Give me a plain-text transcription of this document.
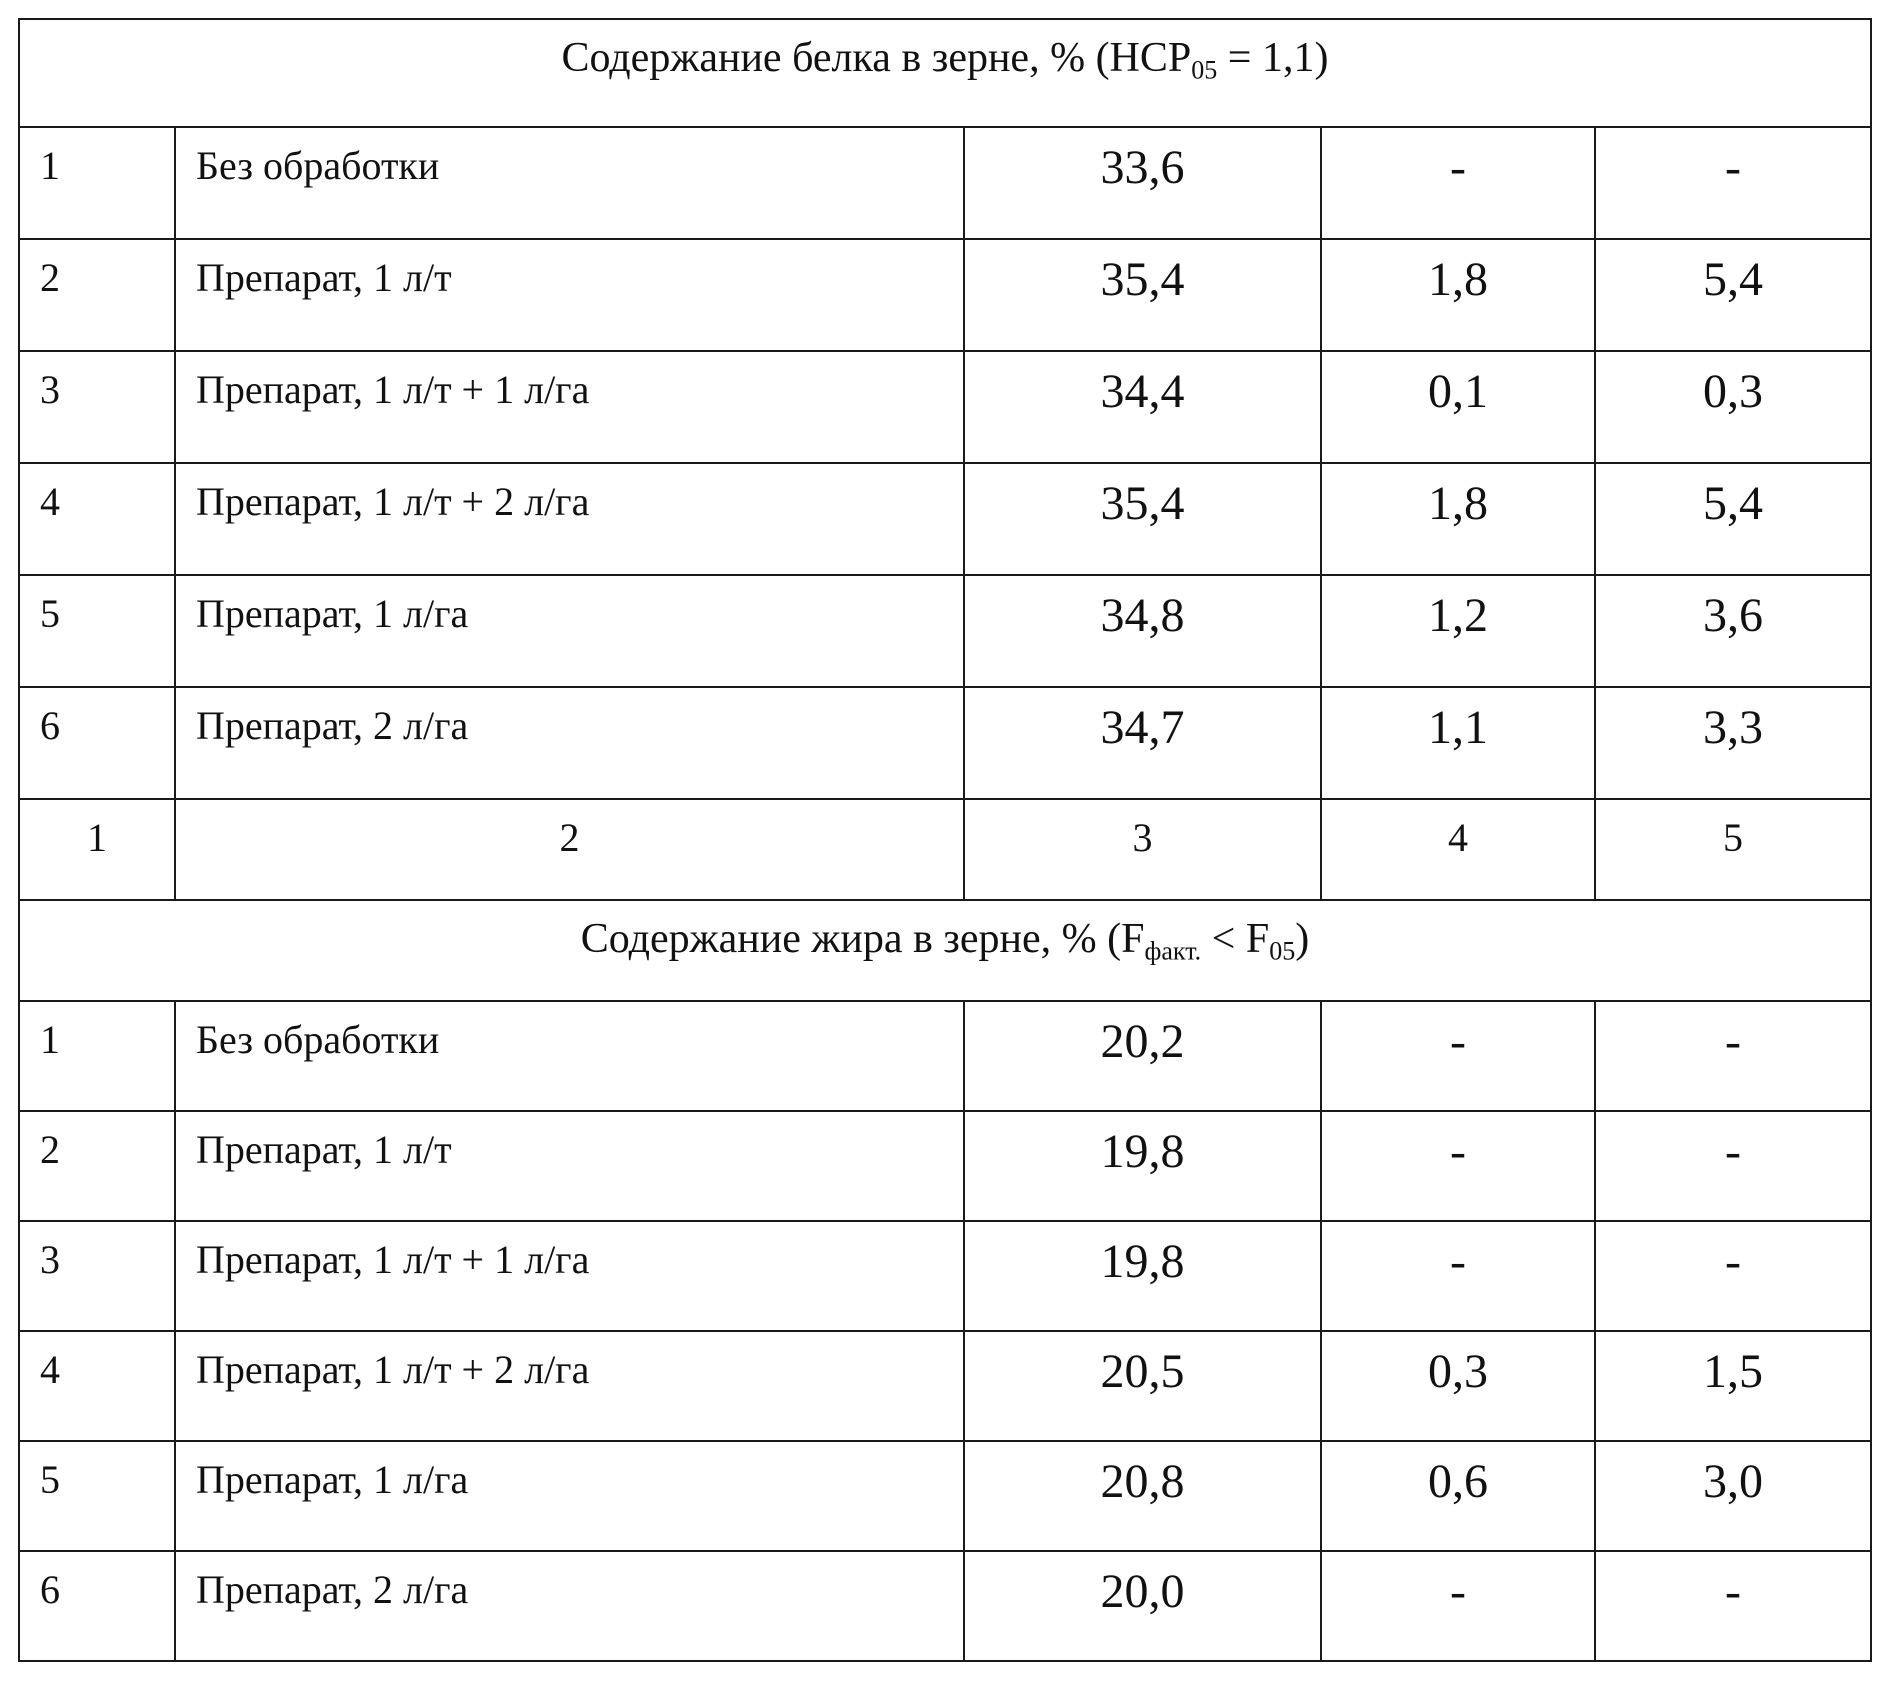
Содержание белка в зерне, % $(НСР_{05} = 1,1)$				
1	Без обработки	33,6	-	-
2	Препарат, 1 л/т	35,4	1,8	5,4
3	Препарат, 1 л/т + 1 л/га	34,4	0,1	0,3
4	Препарат, 1 л/т + 2 л/га	35,4	1,8	5,4
5	Препарат, 1 л/га	34,8	1,2	3,6
6	Препарат, 2 л/га	34,7	1,1	3,3
1	2	3	4	5
Содержание жира в зерне, % $(F_{факт.} < F_{05})$				
1	Без обработки	20,2	-	-
2	Препарат, 1 л/т	19,8	-	-
3	Препарат, 1 л/т + 1 л/га	19,8	-	-
4	Препарат, 1 л/т + 2 л/га	20,5	0,3	1,5
5	Препарат, 1 л/га	20,8	0,6	3,0
6	Препарат, 2 л/га	20,0	-	-
